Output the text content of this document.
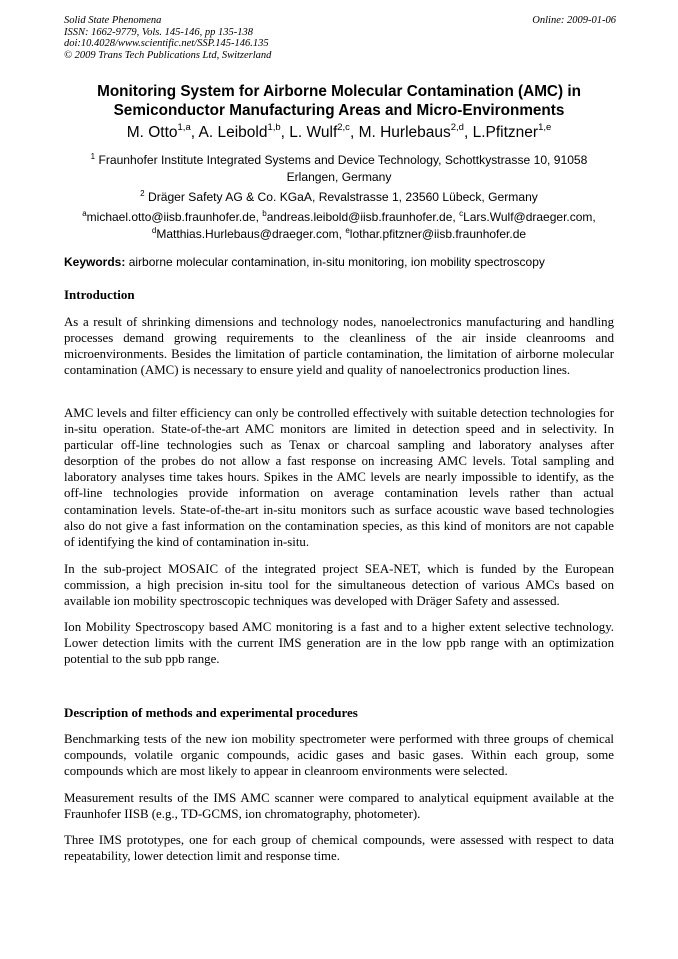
Solid State Phenomena
ISSN: 1662-9779, Vols. 145-146, pp 135-138
doi:10.4028/www.scientific.net/SSP.145-146.135
© 2009 Trans Tech Publications Ltd, Switzerland
Online: 2009-01-06
Monitoring System for Airborne Molecular Contamination (AMC) in
Semiconductor Manufacturing Areas and Micro-Environments
M. Otto$^{1,a}$, A. Leibold$^{1,b}$, L. Wulf$^{2,c}$, M. Hurlebaus$^{2,d}$, L.Pfitzner$^{1,e}$
$^1$ Fraunhofer Institute Integrated Systems and Device Technology, Schottkystrasse 10, 91058
Erlangen, Germany
$^2$ Dräger Safety AG & Co. KGaA, Revalstrasse 1, 23560 Lübeck, Germany
$^a$michael.otto@iisb.fraunhofer.de, $^b$andreas.leibold@iisb.fraunhofer.de, $^c$Lars.Wulf@draeger.com,
$^d$Matthias.Hurlebaus@draeger.com, $^e$lothar.pfitzner@iisb.fraunhofer.de
Keywords: airborne molecular contamination, in-situ monitoring, ion mobility spectroscopy
Introduction

As a result of shrinking dimensions and technology nodes, nanoelectronics manufacturing and handling processes demand growing requirements to the cleanliness of the air inside cleanrooms and microenvironments. Besides the limitation of particle contamination, the limitation of airborne molecular contamination (AMC) is necessary to ensure yield and quality of nanoelectronics production lines.

AMC levels and filter efficiency can only be controlled effectively with suitable detection technologies for in-situ operation. State-of-the-art AMC monitors are limited in detection speed and in selectivity. In particular off-line technologies such as Tenax or charcoal sampling and laboratory analyses after desorption of the probes do not allow a fast response on increasing AMC levels. Total sampling and laboratory analyses time takes hours. Spikes in the AMC levels are nearly impossible to identify, as the off-line technologies provide information on average contamination levels rather than actual contamination levels. State-of-the-art in-situ monitors such as surface acoustic wave based technologies also do not give a fast information on the contamination species, as this kind of monitors are not capable of identifying the kind of contamination in-situ.

In the sub-project MOSAIC of the integrated project SEA-NET, which is funded by the European commission, a high precision in-situ tool for the simultaneous detection of various AMCs based on available ion mobility spectroscopic techniques was developed with Dräger Safety and assessed.

Ion Mobility Spectroscopy based AMC monitoring is a fast and to a higher extent selective technology. Lower detection limits with the current IMS generation are in the low ppb range with an optimization potential to the sub ppb range.

Description of methods and experimental procedures

Benchmarking tests of the new ion mobility spectrometer were performed with three groups of chemical compounds, volatile organic compounds, acidic gases and basic gases. Within each group, some compounds which are most likely to appear in cleanroom environments were selected.

Measurement results of the IMS AMC scanner were compared to analytical equipment available at the Fraunhofer IISB (e.g., TD-GCMS, ion chromatography, photometer).

Three IMS prototypes, one for each group of chemical compounds, were assessed with respect to data repeatability, lower detection limit and response time.
